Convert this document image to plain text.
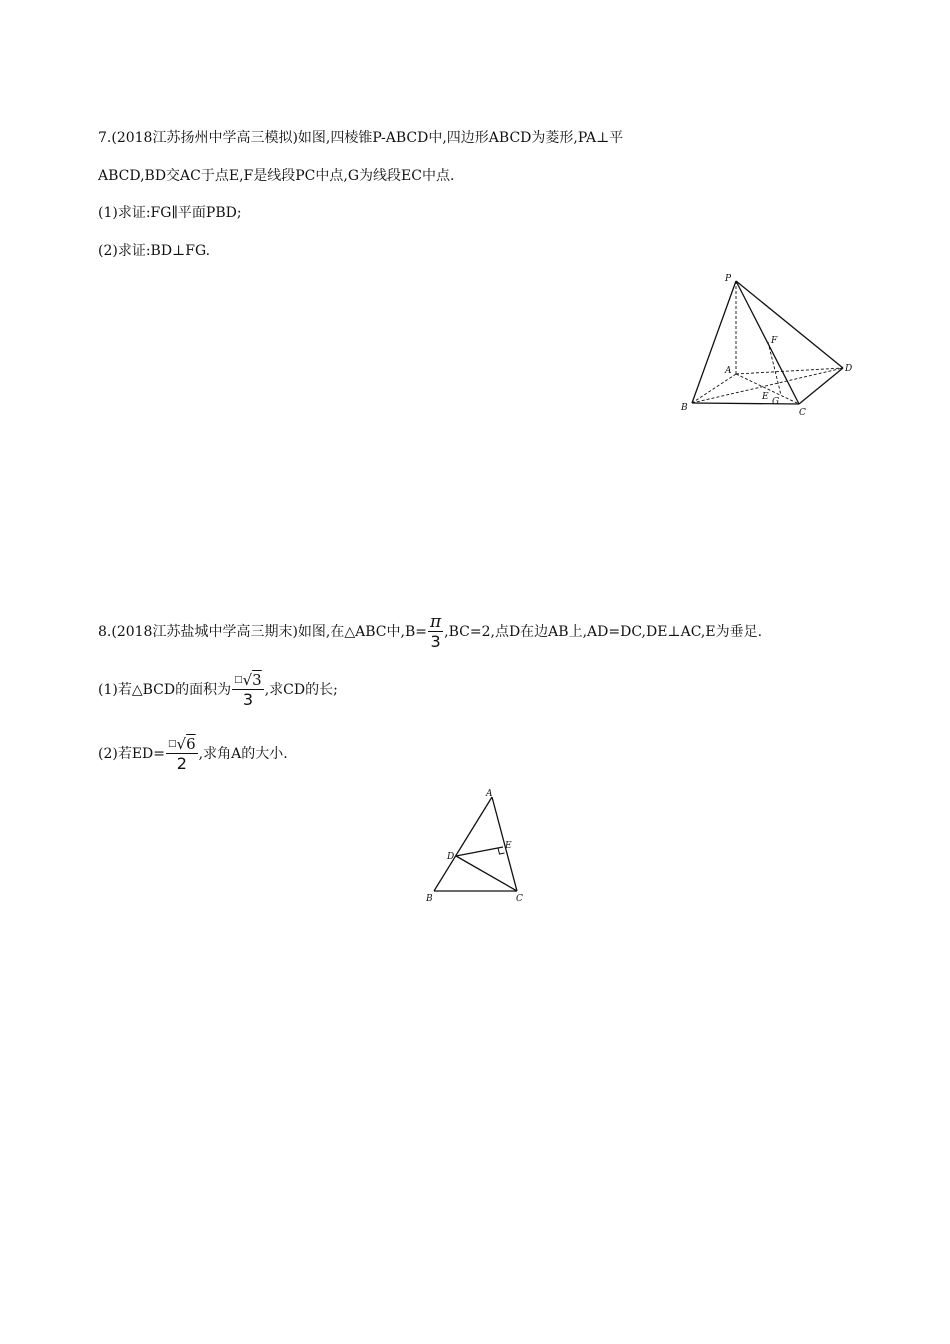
7.(2018江苏扬州中学高三模拟)如图,四棱锥P-ABCD中,四边形ABCD为菱形,PA⊥平
ABCD,BD交AC于点E,F是线段PC中点,G为线段EC中点.
(1)求证:FG∥平面PBD;
(2)求证:BD⊥FG.
P
A
B	C
D
E
F
G
8.(2018江苏盐城中学高三期末)如图,在△ABC中$,B= \frac{\pi}{3} ,BC=2$,点D在边AB上,AD=DC,DE⊥AC,E为垂足.
(1)若△BCD的面积为 $\frac{^□√3}{3}$ ,求CD的长;
(2)若$ED= \frac{^□√6}{2}$ ,求角A的大小.
A
B	C
D
E
